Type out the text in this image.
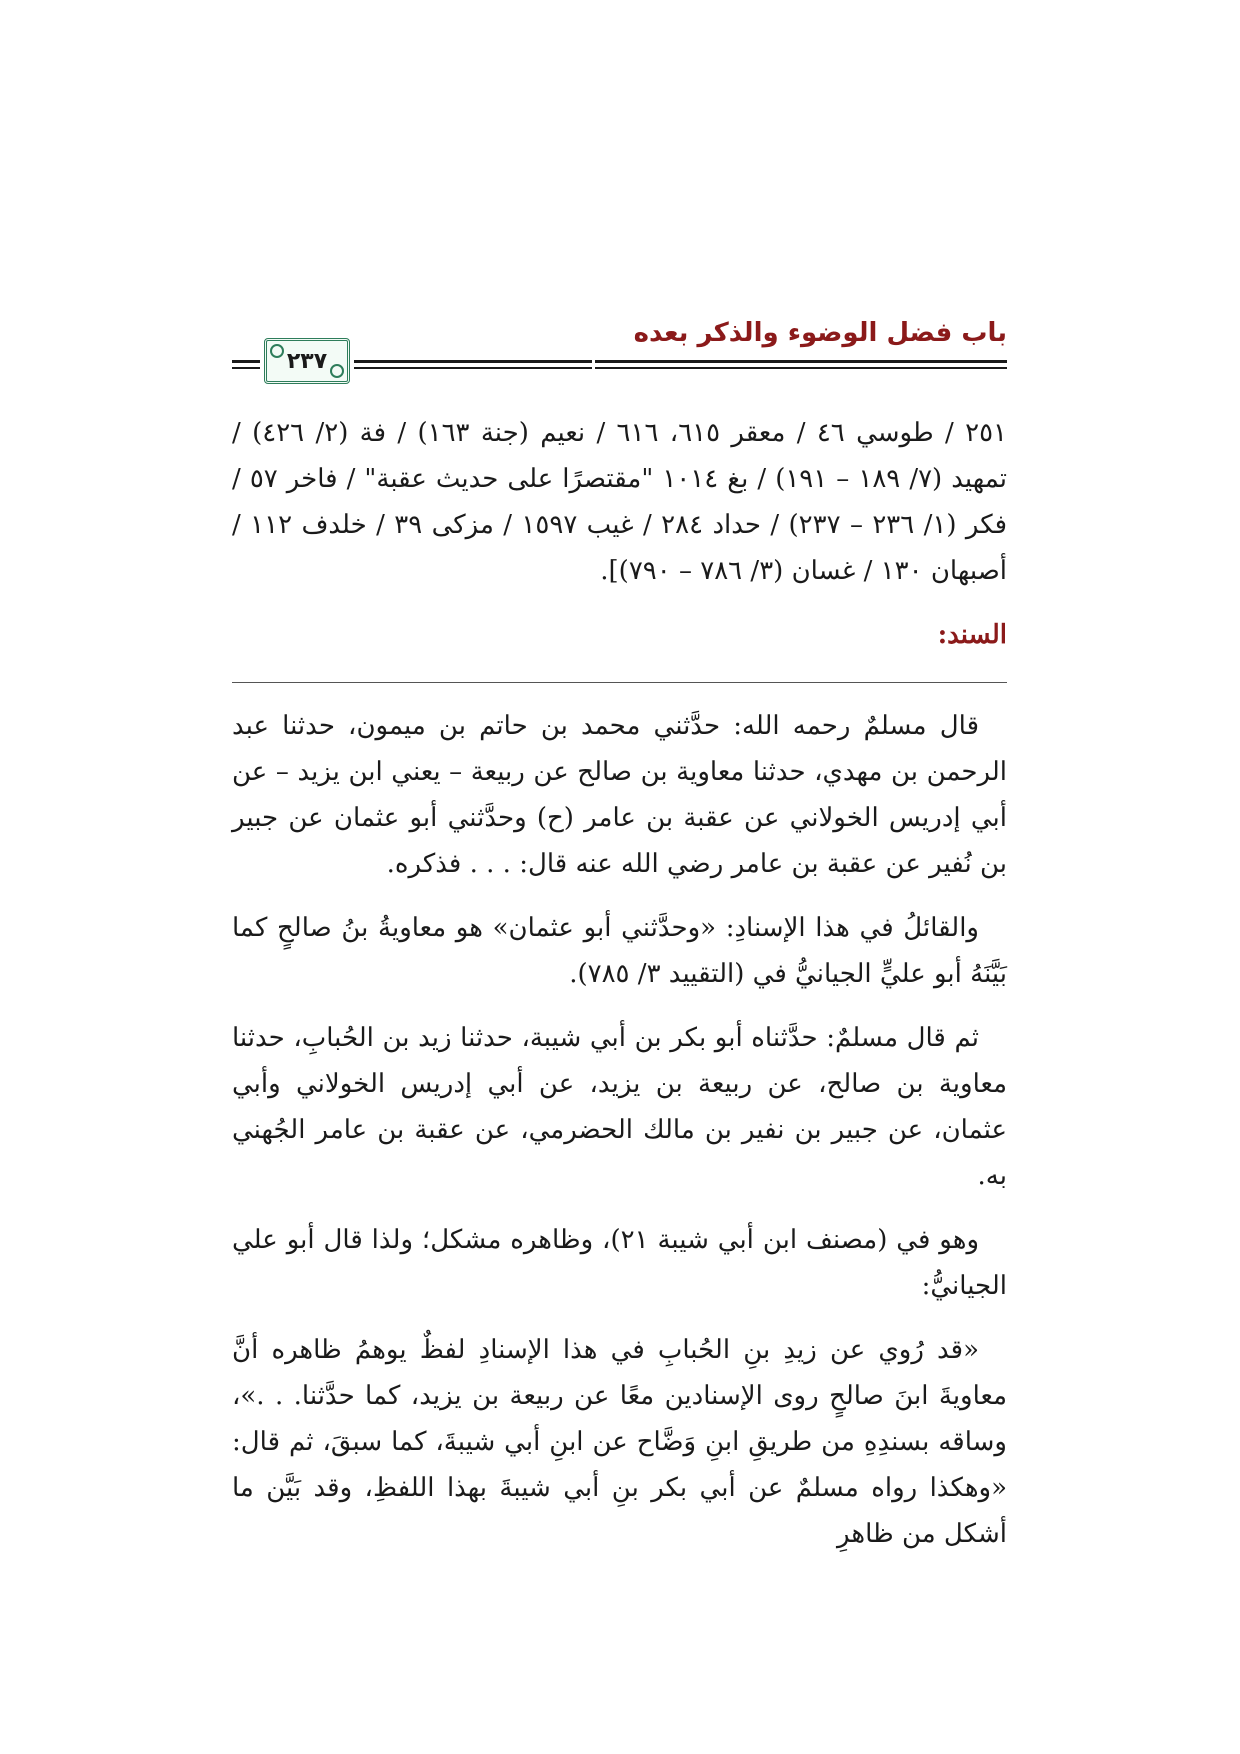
باب فضل الوضوء والذكر بعده
٢٣٧

٢٥١ / طوسي ٤٦ / معقر ٦١٥، ٦١٦ / نعيم (جنة ١٦٣) / فة (٢/ ٤٢٦) / تمهيد (٧/ ١٨٩ – ١٩١) / بغ ١٠١٤ "مقتصرًا على حديث عقبة" / فاخر ٥٧ / فكر (١/ ٢٣٦ – ٢٣٧) / حداد ٢٨٤ / غيب ١٥٩٧ / مزكى ٣٩ / خلدف ١١٢ / أصبهان ١٣٠ / غسان (٣/ ٧٨٦ – ٧٩٠)].

السند:

قال مسلمٌ رحمه الله: حدَّثني محمد بن حاتم بن ميمون، حدثنا عبد الرحمن بن مهدي، حدثنا معاوية بن صالح عن ربيعة – يعني ابن يزيد – عن أبي إدريس الخولاني عن عقبة بن عامر (ح) وحدَّثني أبو عثمان عن جبير بن نُفير عن عقبة بن عامر رضي الله عنه قال: . . . فذكره.

والقائلُ في هذا الإسنادِ: «وحدَّثني أبو عثمان» هو معاويةُ بنُ صالحٍ كما بَيَّنَهُ أبو عليٍّ الجيانيُّ في (التقييد ٣/ ٧٨٥).

ثم قال مسلمٌ: حدَّثناه أبو بكر بن أبي شيبة، حدثنا زيد بن الحُبابِ، حدثنا معاوية بن صالح، عن ربيعة بن يزيد، عن أبي إدريس الخولاني وأبي عثمان، عن جبير بن نفير بن مالك الحضرمي، عن عقبة بن عامر الجُهني به.

وهو في (مصنف ابن أبي شيبة ٢١)، وظاهره مشكل؛ ولذا قال أبو علي الجيانيُّ:

«قد رُوي عن زيدِ بنِ الحُبابِ في هذا الإسنادِ لفظٌ يوهمُ ظاهره أنَّ معاويةَ ابنَ صالحٍ روى الإسنادين معًا عن ربيعة بن يزيد، كما حدَّثنا. . .»، وساقه بسندِهِ من طريقِ ابنِ وَضَّاح عن ابنِ أبي شيبةَ، كما سبقَ، ثم قال: «وهكذا رواه مسلمٌ عن أبي بكر بنِ أبي شيبةَ بهذا اللفظِ، وقد بَيَّن ما أشكل من ظاهرِ
